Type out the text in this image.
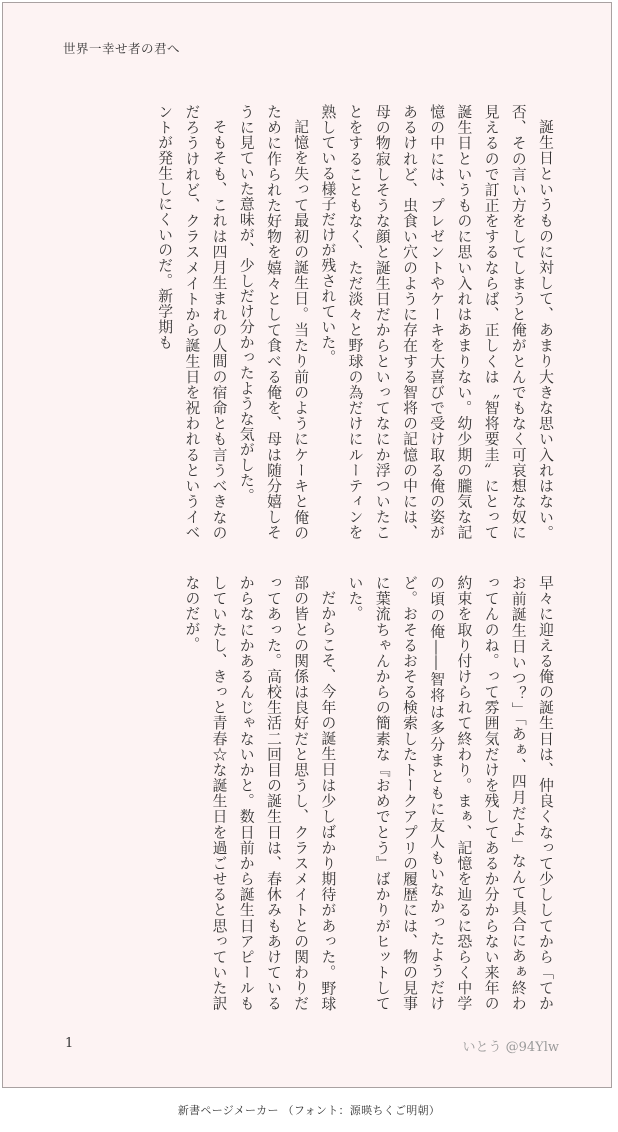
世界一幸せ者の君へ

誕生日というものに対して、あまり大きな思い入れはない。否、その言い方をしてしまうと俺がとんでもなく可哀想な奴に見えるので訂正をするならば、正しくは〝智将要圭〟にとって誕生日というものに思い入れはあまりない。幼少期の朧気な記憶の中には、プレゼントやケーキを大喜びで受け取る俺の姿があるけれど、虫食い穴のように存在する智将の記憶の中には、母の物寂しそうな顔と誕生日だからといってなにか浮ついたことをすることもなく、ただ淡々と野球の為だけにルーティンを熟している様子だけが残されていた。

記憶を失って最初の誕生日。当たり前のようにケーキと俺のために作られた好物を嬉々として食べる俺を、母は随分嬉しそうに見ていた意味が、少しだけ分かったような気がした。

そもそも、これは四月生まれの人間の宿命とも言うべきなのだろうけれど、クラスメイトから誕生日を祝われるというイベントが発生しにくいのだ。新学期も

早々に迎える俺の誕生日は、仲良くなって少ししてから「てかお前誕生日いつ？」「あぁ、四月だよ」なんて具合にあぁ終わってんのね。って雰囲気だけを残してあるか分からない来年の約束を取り付けられて終わり。まぁ、記憶を辿るに恐らく中学の頃の俺――智将は多分まともに友人もいなかったようだけど。おそるおそる検索したトークアプリの履歴には、物の見事に葉流ちゃんからの簡素な『おめでとう』ばかりがヒットしていた。

だからこそ、今年の誕生日は少しばかり期待があった。野球部の皆との関係は良好だと思うし、クラスメイトとの関わりだってあった。高校生活二回目の誕生日は、春休みもあけているからなにかあるんじゃないかと。数日前から誕生日アピールもしていたし、きっと青春☆な誕生日を過ごせると思っていた訳なのだが。

1	いとう @94Ylw
新書ページメーカー （フォント：源暎ちくご明朝）
